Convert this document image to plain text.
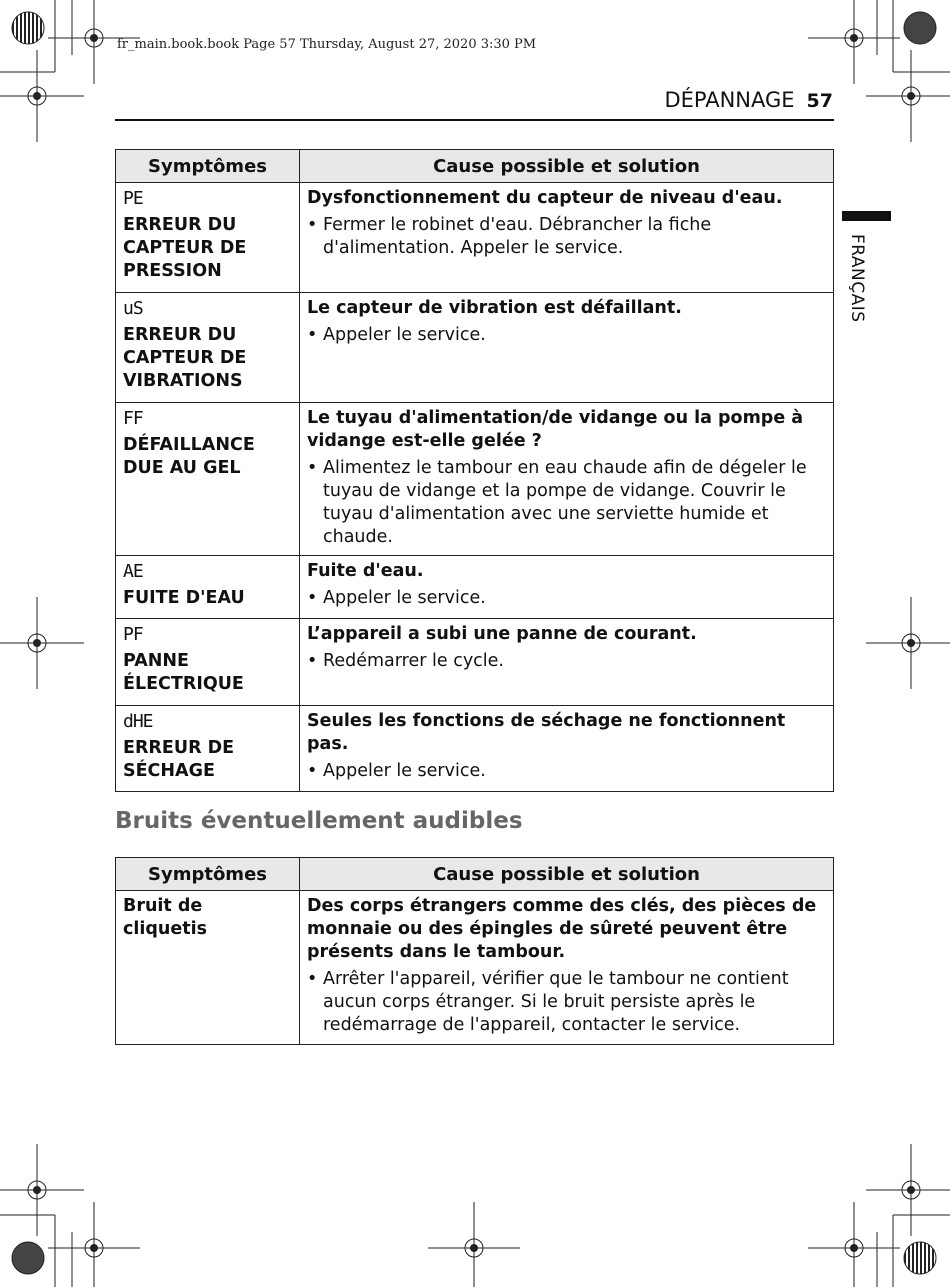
fr_main.book.book Page 57 Thursday, August 27, 2020 3:30 PM
DÉPANNAGE 57
FRANÇAIS
Symptômes	Cause possible et solution

PE
ERREUR DU CAPTEUR DE PRESSION	Dysfonctionnement du capteur de niveau d'eau.
• Fermer le robinet d'eau. Débrancher la fiche d'alimentation. Appeler le service.

uS
ERREUR DU CAPTEUR DE VIBRATIONS	Le capteur de vibration est défaillant.
• Appeler le service.

FF
DÉFAILLANCE DUE AU GEL	Le tuyau d'alimentation/de vidange ou la pompe à vidange est-elle gelée ?
• Alimentez le tambour en eau chaude afin de dégeler le tuyau de vidange et la pompe de vidange. Couvrir le tuyau d'alimentation avec une serviette humide et chaude.

AE
FUITE D'EAU	Fuite d'eau.
• Appeler le service.

PF
PANNE ÉLECTRIQUE	L’appareil a subi une panne de courant.
• Redémarrer le cycle.

dHE
ERREUR DE SÉCHAGE	Seules les fonctions de séchage ne fonctionnent pas.
• Appeler le service.
Bruits éventuellement audibles
Symptômes	Cause possible et solution

Bruit de cliquetis	Des corps étrangers comme des clés, des pièces de monnaie ou des épingles de sûreté peuvent être présents dans le tambour.
• Arrêter l'appareil, vérifier que le tambour ne contient aucun corps étranger. Si le bruit persiste après le redémarrage de l'appareil, contacter le service.
